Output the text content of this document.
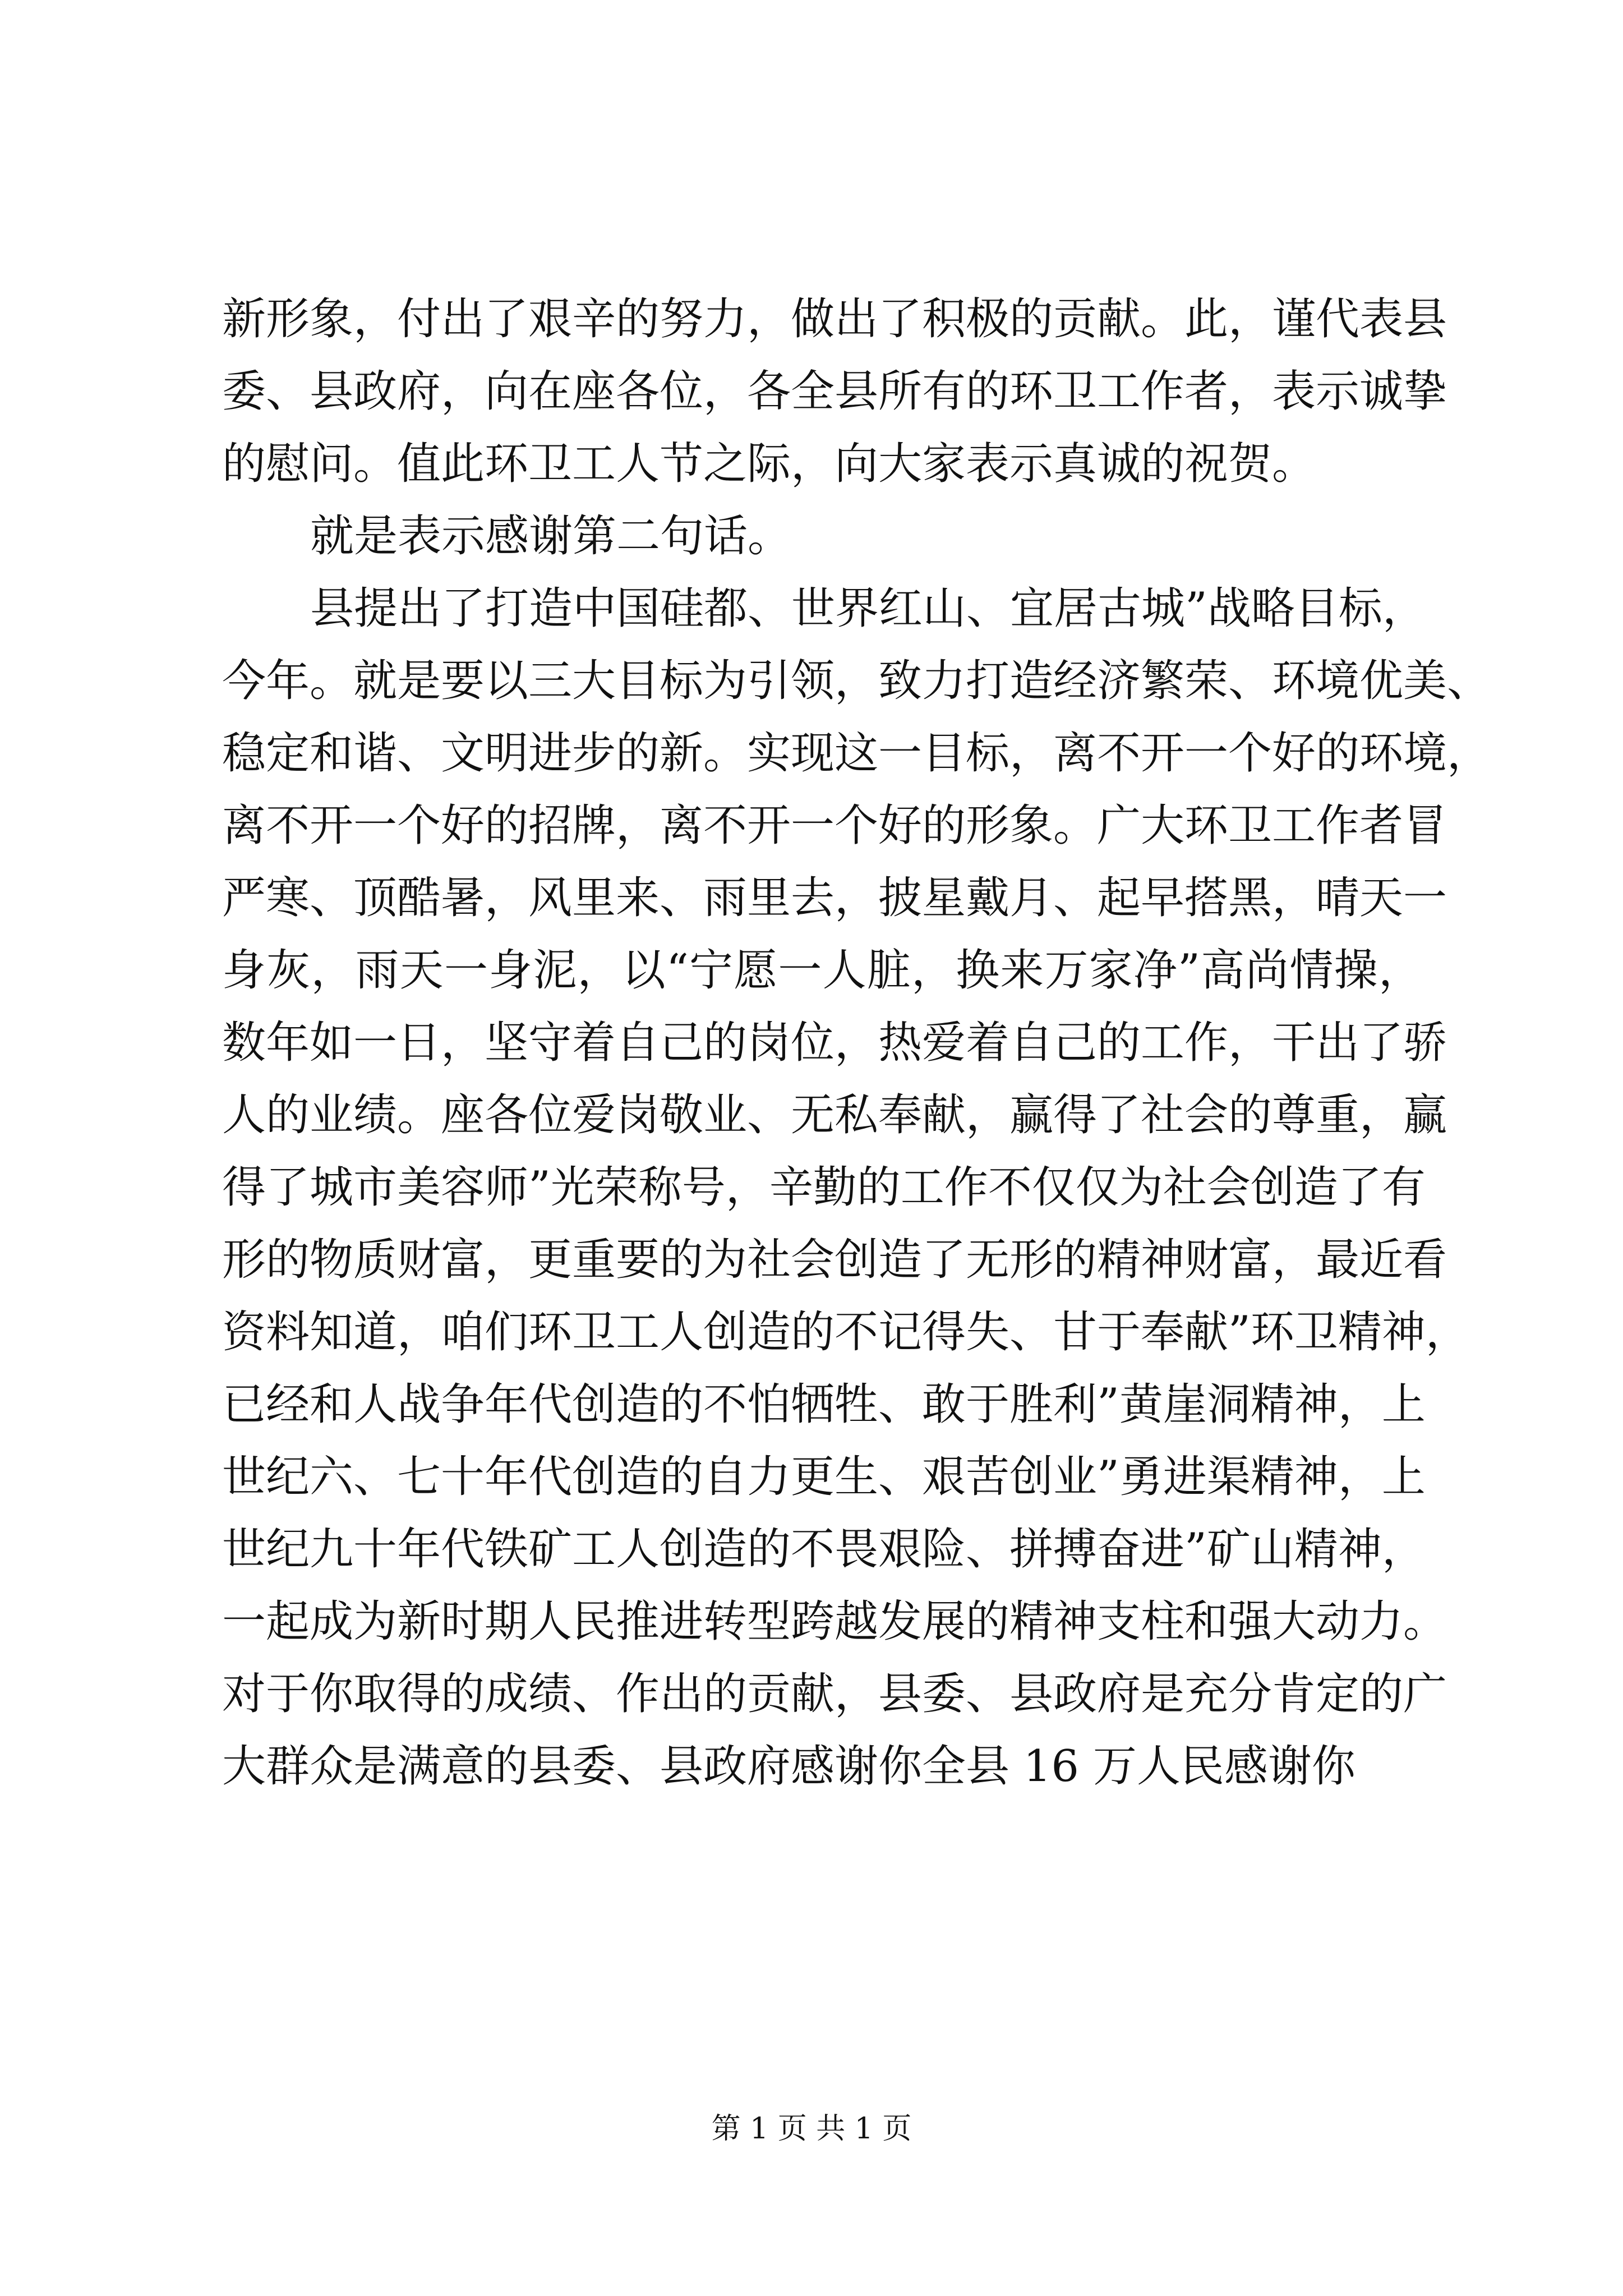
新形象，付出了艰辛的努力，做出了积极的贡献。此，谨代表县
委、县政府，向在座各位，各全县所有的环卫工作者，表示诚挚
的慰问。值此环卫工人节之际，向大家表示真诚的祝贺。
就是表示感谢第二句话。
县提出了打造中国硅都、世界红山、宜居古城”战略目标，
今年。就是要以三大目标为引领，致力打造经济繁荣、环境优美、
稳定和谐、文明进步的新。实现这一目标，离不开一个好的环境，
离不开一个好的招牌，离不开一个好的形象。广大环卫工作者冒
严寒、顶酷暑，风里来、雨里去，披星戴月、起早搭黑，晴天一
身灰，雨天一身泥，以“宁愿一人脏，换来万家净”高尚情操，
数年如一日，坚守着自己的岗位，热爱着自己的工作，干出了骄
人的业绩。座各位爱岗敬业、无私奉献，赢得了社会的尊重，赢
得了城市美容师”光荣称号，辛勤的工作不仅仅为社会创造了有
形的物质财富，更重要的为社会创造了无形的精神财富，最近看
资料知道，咱们环卫工人创造的不记得失、甘于奉献”环卫精神，
已经和人战争年代创造的不怕牺牲、敢于胜利”黄崖洞精神，上
世纪六、七十年代创造的自力更生、艰苦创业”勇进渠精神，上
世纪九十年代铁矿工人创造的不畏艰险、拼搏奋进”矿山精神，
一起成为新时期人民推进转型跨越发展的精神支柱和强大动力。
对于你取得的成绩、作出的贡献，县委、县政府是充分肯定的广
大群众是满意的县委、县政府感谢你全县 16 万人民感谢你
第 1 页 共 1 页
